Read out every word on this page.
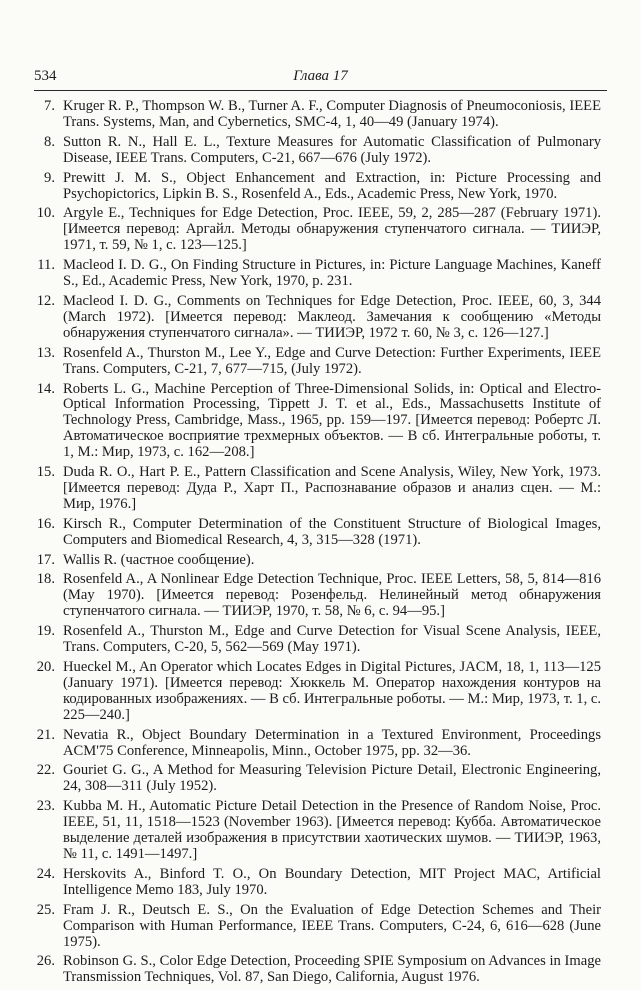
534	Глава 17
7. Kruger R. P., Thompson W. B., Turner A. F., Computer Diagnosis of Pneumoconiosis, IEEE Trans. Systems, Man, and Cybernetics, SMC-4, 1, 40—49 (January 1974).
8. Sutton R. N., Hall E. L., Texture Measures for Automatic Classification of Pulmonary Disease, IEEE Trans. Computers, C-21, 667—676 (July 1972).
9. Prewitt J. M. S., Object Enhancement and Extraction, in: Picture Processing and Psychopictorics, Lipkin B. S., Rosenfeld A., Eds., Academic Press, New York, 1970.
10. Argyle E., Techniques for Edge Detection, Proc. IEEE, 59, 2, 285—287 (February 1971). [Имеется перевод: Аргайл. Методы обнаружения ступенчатого сигнала. — ТИИЭР, 1971, т. 59, № 1, с. 123—125.]
11. Macleod I. D. G., On Finding Structure in Pictures, in: Picture Language Machines, Kaneff S., Ed., Academic Press, New York, 1970, p. 231.
12. Macleod I. D. G., Comments on Techniques for Edge Detection, Proc. IEEE, 60, 3, 344 (March 1972). [Имеется перевод: Маклеод. Замечания к сообщению «Методы обнаружения ступенчатого сигнала». — ТИИЭР, 1972 т. 60, № 3, с. 126—127.]
13. Rosenfeld A., Thurston M., Lee Y., Edge and Curve Detection: Further Experiments, IEEE Trans. Computers, C-21, 7, 677—715, (July 1972).
14. Roberts L. G., Machine Perception of Three-Dimensional Solids, in: Optical and Electro-Optical Information Processing, Tippett J. T. et al., Eds., Massachusetts Institute of Technology Press, Cambridge, Mass., 1965, pp. 159—197. [Имеется перевод: Робертс Л. Автоматическое восприятие трехмерных объектов. — В сб. Интегральные роботы, т. 1, М.: Мир, 1973, с. 162—208.]
15. Duda R. O., Hart P. E., Pattern Classification and Scene Analysis, Wiley, New York, 1973. [Имеется перевод: Дуда Р., Харт П., Распознавание образов и анализ сцен. — М.: Мир, 1976.]
16. Kirsch R., Computer Determination of the Constituent Structure of Biological Images, Computers and Biomedical Research, 4, 3, 315—328 (1971).
17. Wallis R. (частное сообщение).
18. Rosenfeld A., A Nonlinear Edge Detection Technique, Proc. IEEE Letters, 58, 5, 814—816 (May 1970). [Имеется перевод: Розенфельд. Нелинейный метод обнаружения ступенчатого сигнала. — ТИИЭР, 1970, т. 58, № 6, с. 94—95.]
19. Rosenfeld A., Thurston M., Edge and Curve Detection for Visual Scene Analysis, IEEE, Trans. Computers, C-20, 5, 562—569 (May 1971).
20. Hueckel M., An Operator which Locates Edges in Digital Pictures, JACM, 18, 1, 113—125 (January 1971). [Имеется перевод: Хюккель М. Оператор нахождения контуров на кодированных изображениях. — В сб. Интегральные роботы. — М.: Мир, 1973, т. 1, с. 225—240.]
21. Nevatia R., Object Boundary Determination in a Textured Environment, Proceedings ACM'75 Conference, Minneapolis, Minn., October 1975, pp. 32—36.
22. Gouriet G. G., A Method for Measuring Television Picture Detail, Electronic Engineering, 24, 308—311 (July 1952).
23. Kubba M. H., Automatic Picture Detail Detection in the Presence of Random Noise, Proc. IEEE, 51, 11, 1518—1523 (November 1963). [Имеется перевод: Кубба. Автоматическое выделение деталей изображения в присутствии хаотических шумов. — ТИИЭР, 1963, № 11, с. 1491—1497.]
24. Herskovits A., Binford T. O., On Boundary Detection, MIT Project MAC, Artificial Intelligence Memo 183, July 1970.
25. Fram J. R., Deutsch E. S., On the Evaluation of Edge Detection Schemes and Their Comparison with Human Performance, IEEE Trans. Computers, C-24, 6, 616—628 (June 1975).
26. Robinson G. S., Color Edge Detection, Proceeding SPIE Symposium on Advances in Image Transmission Techniques, Vol. 87, San Diego, California, August 1976.
